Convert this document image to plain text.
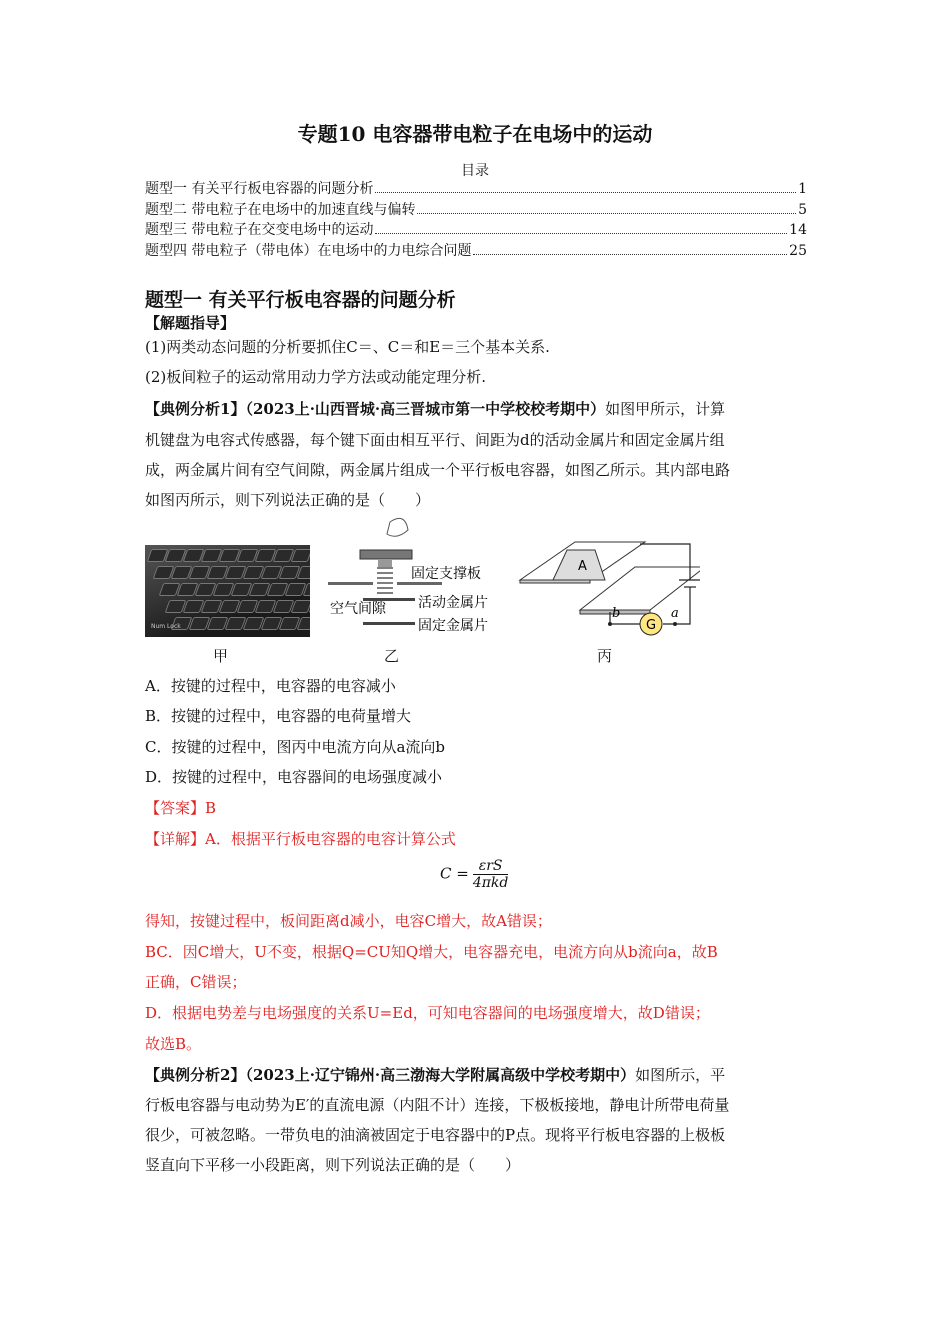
专题10 电容器带电粒子在电场中的运动
目录
题型一 有关平行板电容器的问题分析	1
题型二 带电粒子在电场中的加速直线与偏转	5
题型三 带电粒子在交变电场中的运动	14
题型四 带电粒子（带电体）在电场中的力电综合问题	25
题型一 有关平行板电容器的问题分析
【解题指导】
(1)两类动态问题的分析要抓住C＝、C＝和E＝三个基本关系.
(2)板间粒子的运动常用动力学方法或动能定理分析.
【典例分析1】（2023上·山西晋城·高三晋城市第一中学校校考期中）如图甲所示，计算
机键盘为电容式传感器，每个键下面由相互平行、间距为d的活动金属片和固定金属片组
成，两金属片间有空气间隙，两金属片组成一个平行板电容器，如图乙所示。其内部电路
如图丙所示，则下列说法正确的是（　　）
Num Lock
固定支撑板
空气间隙 活动金属片
固定金属片
A
G
b	a
甲	乙	丙
A．按键的过程中，电容器的电容减小
B．按键的过程中，电容器的电荷量增大
C．按键的过程中，图丙中电流方向从a流向b
D．按键的过程中，电容器间的电场强度减小
【答案】B
【详解】A．根据平行板电容器的电容计算公式
$C = \frac{\text{εrS}}{\text{4πkd}}$
得知，按键过程中，板间距离d减小，电容C增大，故A错误；
BC．因C增大，U不变，根据Q=CU知Q增大，电容器充电，电流方向从b流向a，故B
正确，C错误；
D．根据电势差与电场强度的关系U=Ed，可知电容器间的电场强度增大，故D错误；
故选B。
【典例分析2】（2023上·辽宁锦州·高三渤海大学附属高级中学校考期中）如图所示，平
行板电容器与电动势为E′的直流电源（内阻不计）连接，下极板接地，静电计所带电荷量
很少，可被忽略。一带负电的油滴被固定于电容器中的P点。现将平行板电容器的上极板
竖直向下平移一小段距离，则下列说法正确的是（　　）
